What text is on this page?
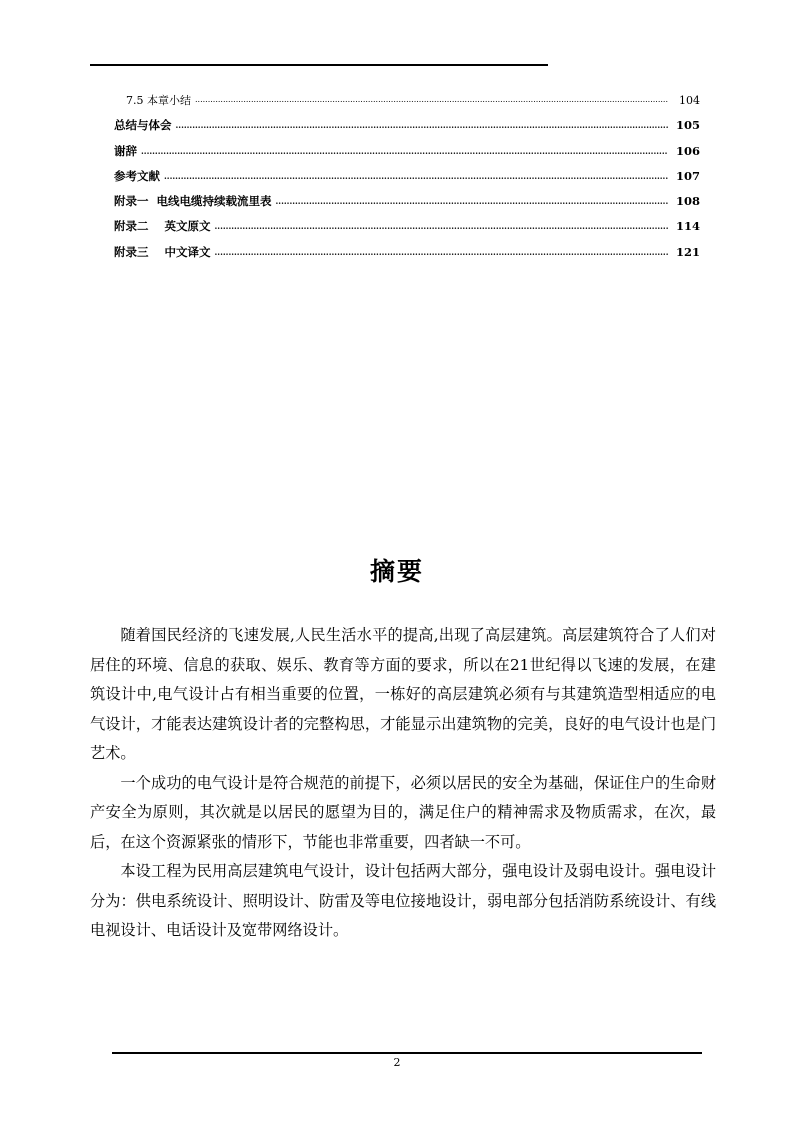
7.5 本章小结 .....	104
总结与体会 .....	105
谢辞 .....	106
参考文献 .....	107
附录一  电线电缆持续载流里表 .....	108
附录二    英文原文 .....	114
附录三    中文译文 .....	121
摘要

随着国民经济的飞速发展,人民生活水平的提高,出现了高层建筑。高层建筑符合了人们对居住的环境、信息的获取、娱乐、教育等方面的要求，所以在21世纪得以飞速的发展，在建筑设计中,电气设计占有相当重要的位置，一栋好的高层建筑必须有与其建筑造型相适应的电气设计，才能表达建筑设计者的完整构思，才能显示出建筑物的完美，良好的电气设计也是门艺术。

一个成功的电气设计是符合规范的前提下，必须以居民的安全为基础，保证住户的生命财产安全为原则，其次就是以居民的愿望为目的，满足住户的精神需求及物质需求，在次，最后，在这个资源紧张的情形下，节能也非常重要，四者缺一不可。

本设工程为民用高层建筑电气设计，设计包括两大部分，强电设计及弱电设计。强电设计分为：供电系统设计、照明设计、防雷及等电位接地设计，弱电部分包括消防系统设计、有线电视设计、电话设计及宽带网络设计。

2
